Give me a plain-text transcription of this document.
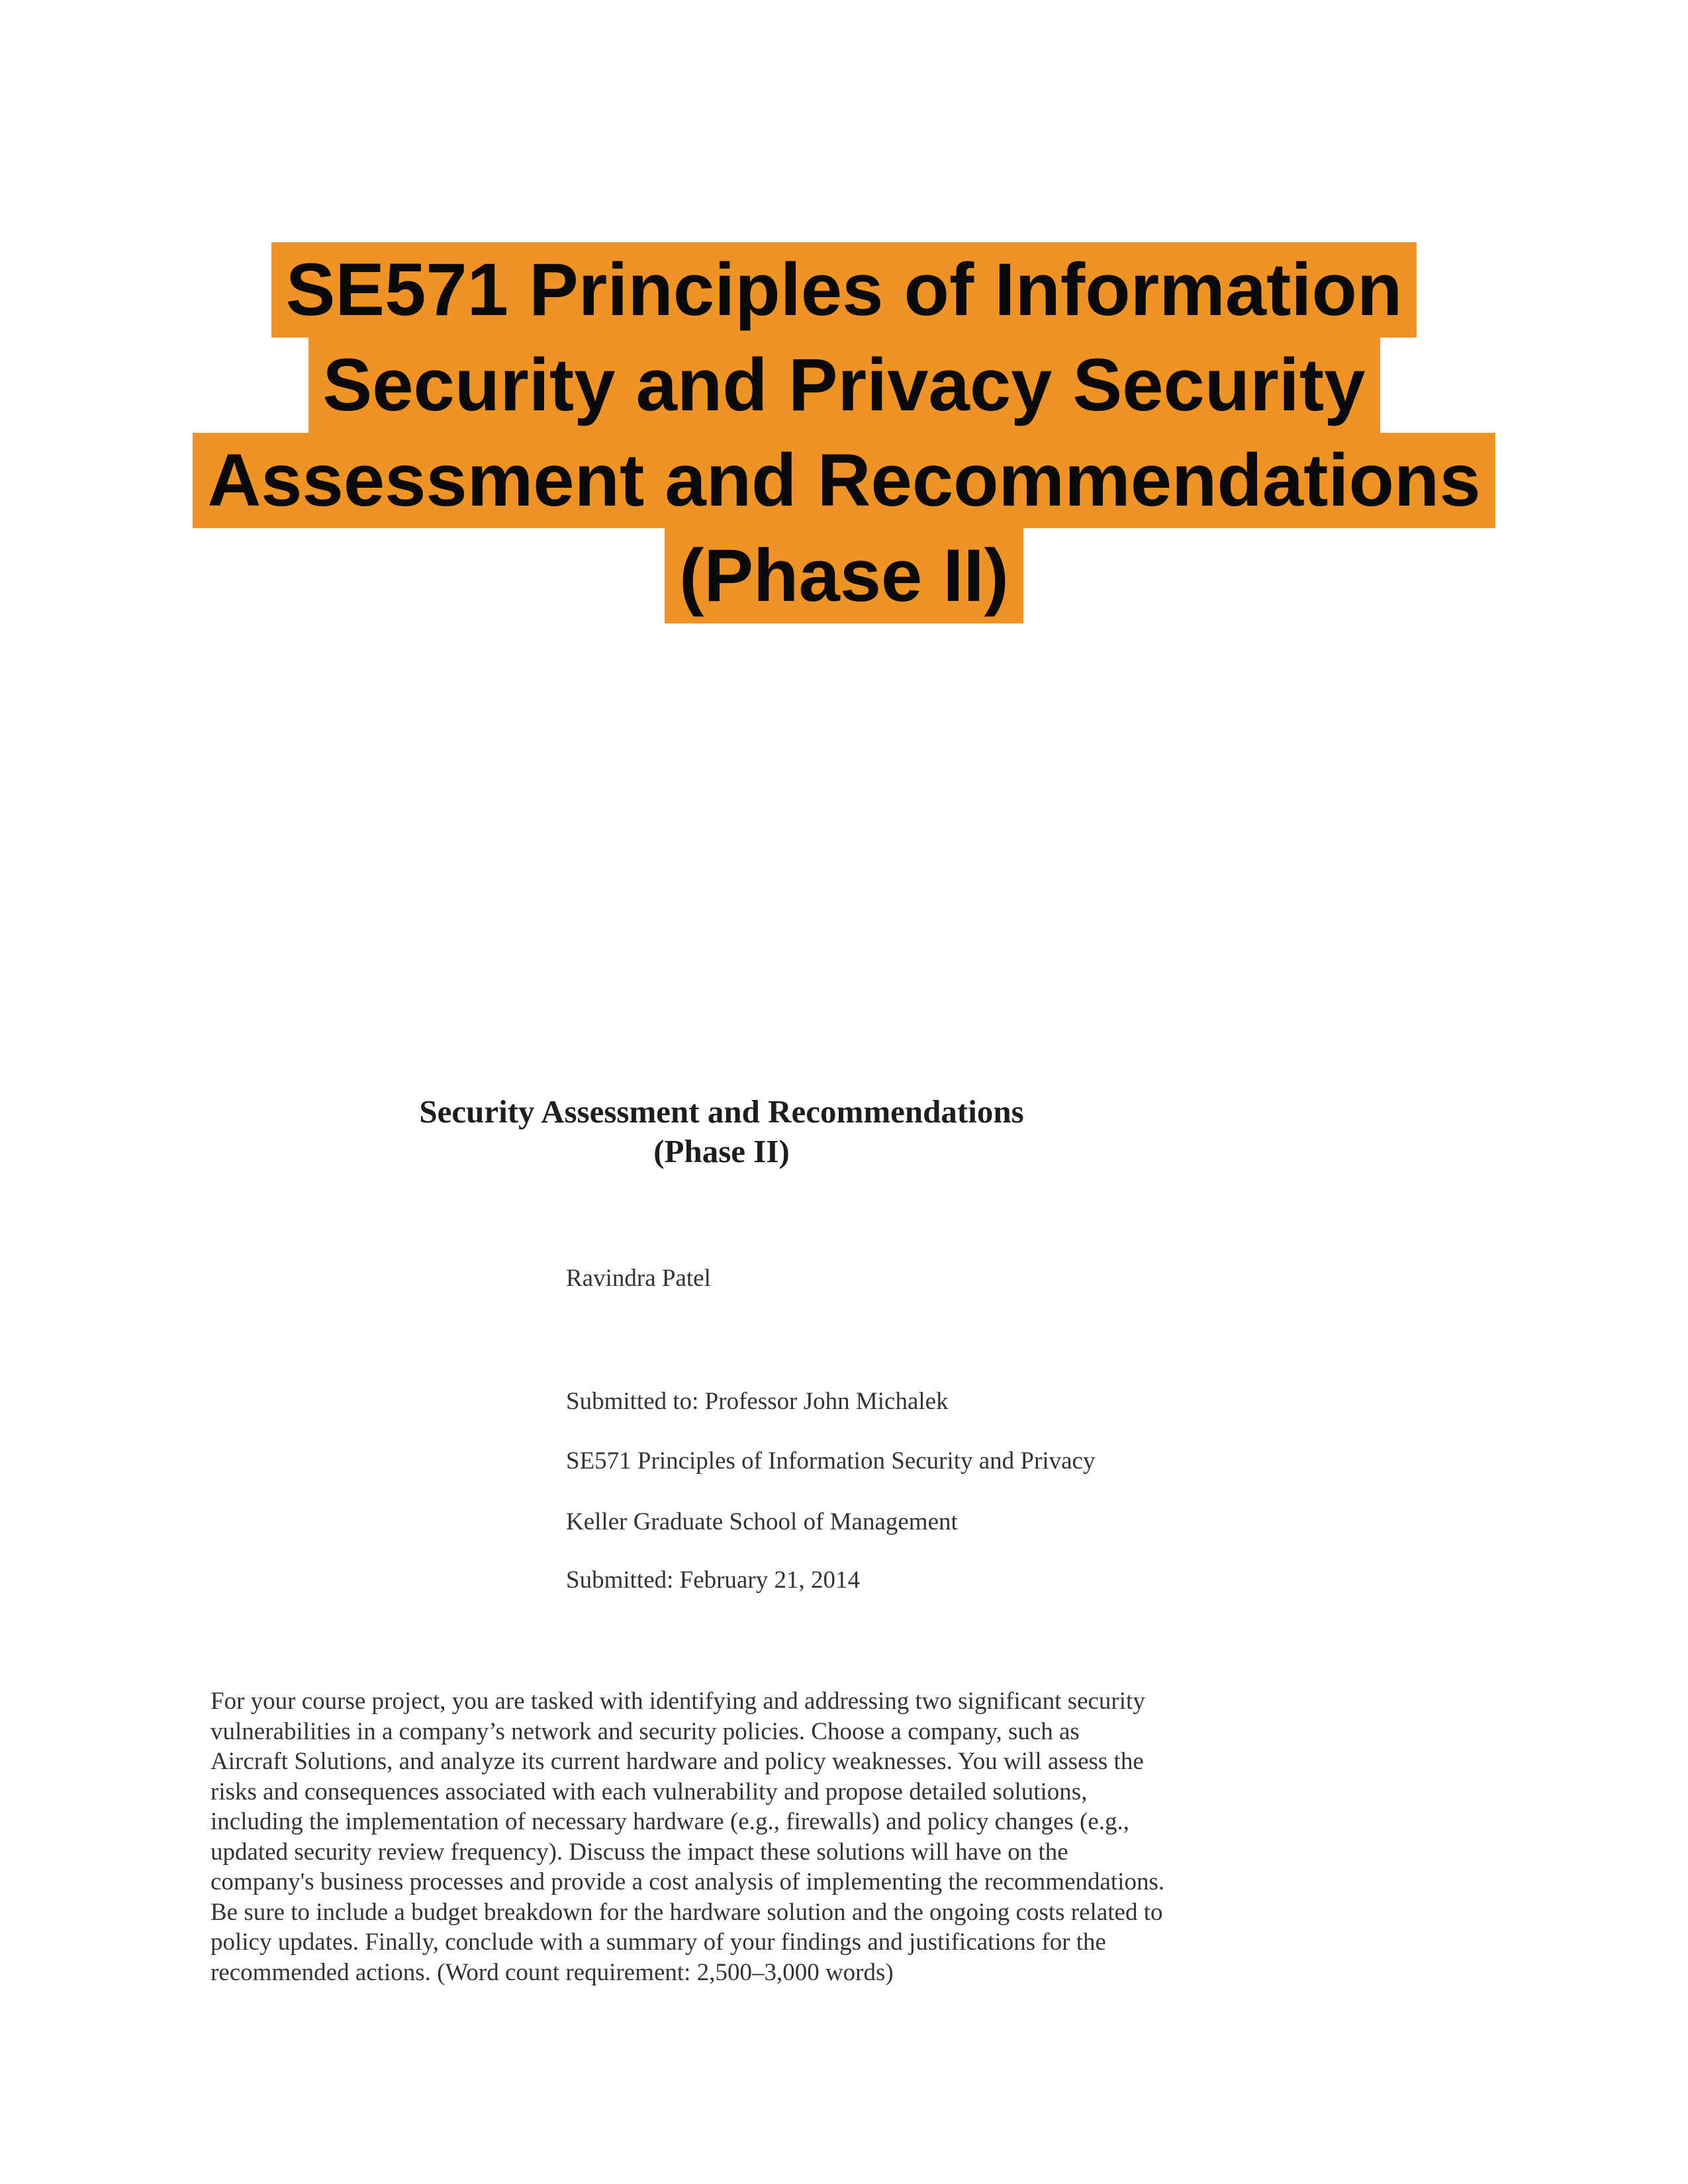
SE571 Principles of Information
Security and Privacy Security
Assessment and Recommendations
(Phase II)
Security Assessment and Recommendations
(Phase II)
Ravindra Patel
Submitted to: Professor John Michalek
SE571 Principles of Information Security and Privacy
Keller Graduate School of Management
Submitted: February 21, 2014
For your course project, you are tasked with identifying and addressing two significant security
vulnerabilities in a company’s network and security policies. Choose a company, such as
Aircraft Solutions, and analyze its current hardware and policy weaknesses. You will assess the
risks and consequences associated with each vulnerability and propose detailed solutions,
including the implementation of necessary hardware (e.g., firewalls) and policy changes (e.g.,
updated security review frequency). Discuss the impact these solutions will have on the
company's business processes and provide a cost analysis of implementing the recommendations.
Be sure to include a budget breakdown for the hardware solution and the ongoing costs related to
policy updates. Finally, conclude with a summary of your findings and justifications for the
recommended actions. (Word count requirement: 2,500–3,000 words)
